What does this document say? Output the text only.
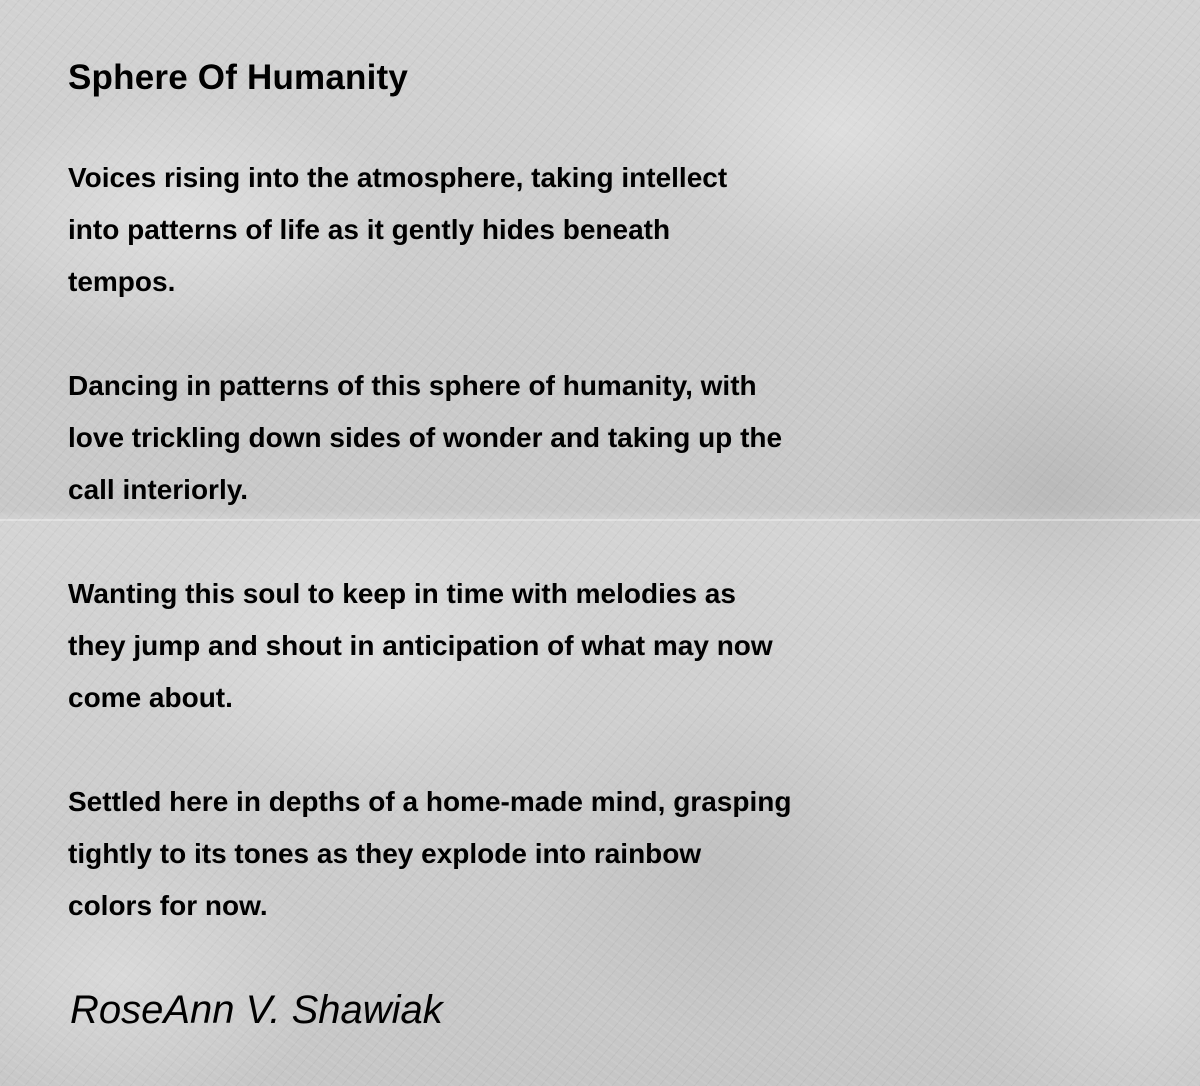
Sphere Of Humanity
Voices rising into the atmosphere, taking intellect
into patterns of life as it gently hides beneath
tempos.
Dancing in patterns of this sphere of humanity, with
love trickling down sides of wonder and taking up the
call interiorly.
Wanting this soul to keep in time with melodies as
they jump and shout in anticipation of what may now
come about.
Settled here in depths of a home-made mind, grasping
tightly to its tones as they explode into rainbow
colors for now.
RoseAnn V. Shawiak
